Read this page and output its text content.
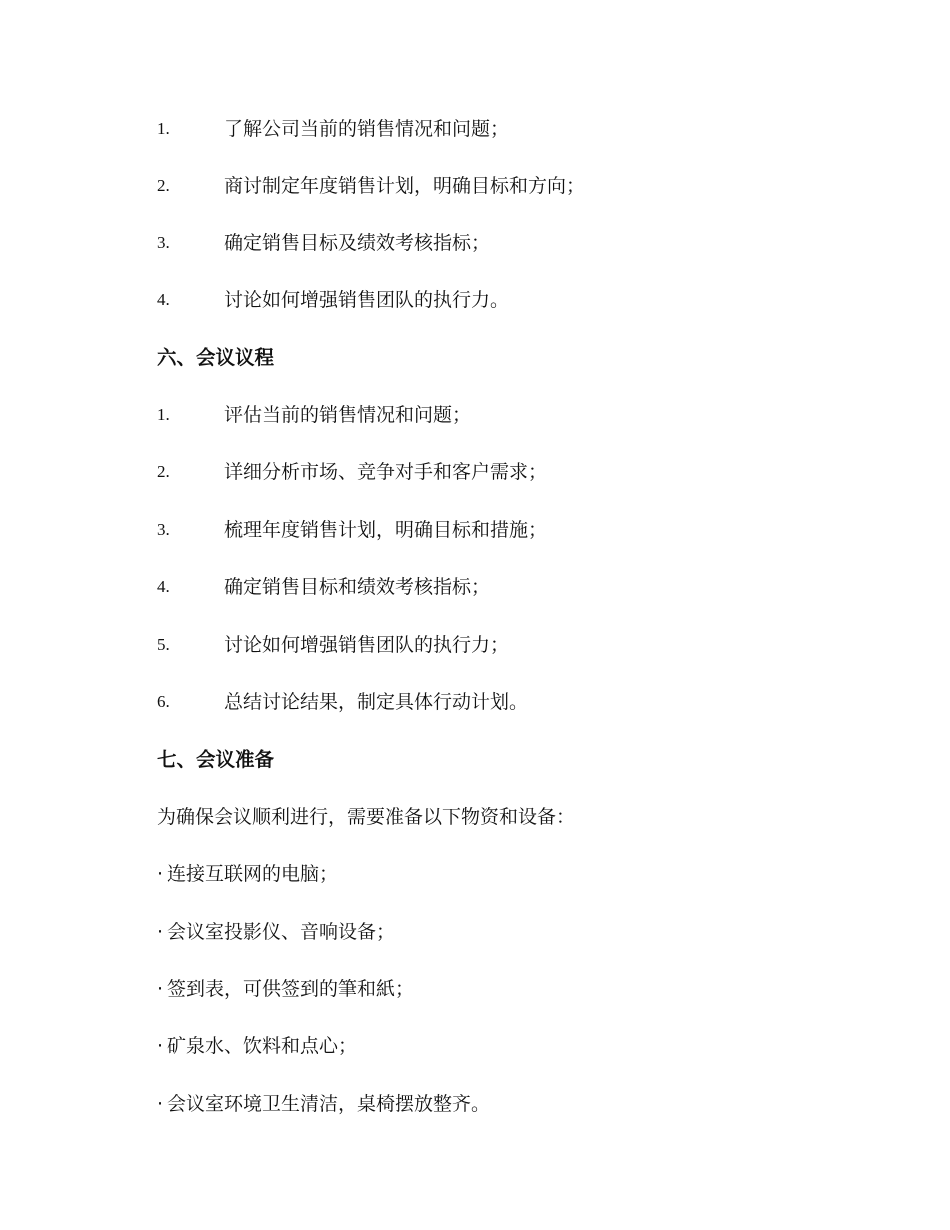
1.	了解公司当前的销售情况和问题；
2.	商讨制定年度销售计划，明确目标和方向；
3.	确定销售目标及绩效考核指标；
4.	讨论如何增强销售团队的执行力。
六、会议议程
1.	评估当前的销售情况和问题；
2.	详细分析市场、竞争对手和客户需求；
3.	梳理年度销售计划，明确目标和措施；
4.	确定销售目标和绩效考核指标；
5.	讨论如何增强销售团队的执行力；
6.	总结讨论结果，制定具体行动计划。
七、会议准备
为确保会议顺利进行，需要准备以下物资和设备：
· 连接互联网的电脑；
· 会议室投影仪、音响设备；
· 签到表，可供签到的筆和紙；
· 矿泉水、饮料和点心；
· 会议室环境卫生清洁，桌椅摆放整齐。
